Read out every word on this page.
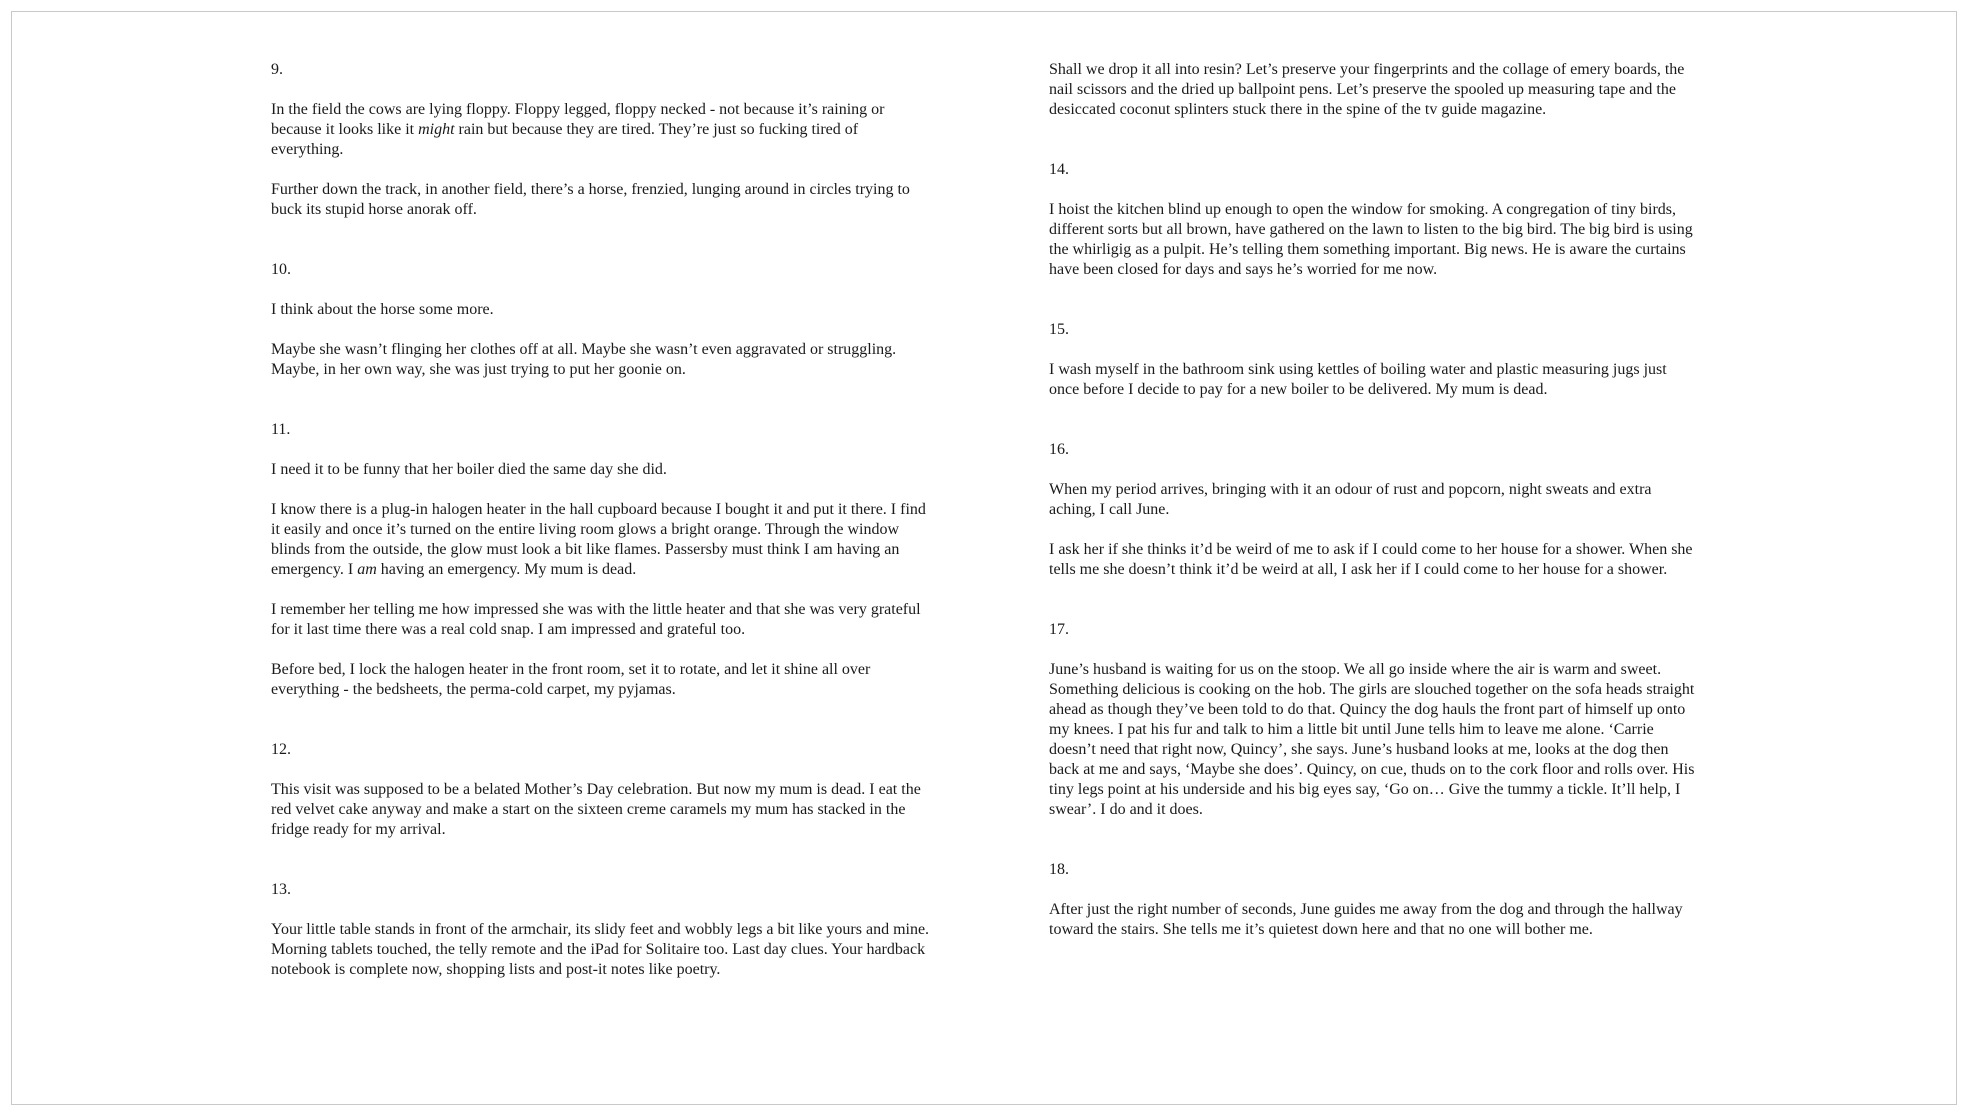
9.

In the field the cows are lying floppy. Floppy legged, floppy necked - not because it’s raining or because it looks like it might rain but because they are tired. They’re just so fucking tired of everything.

Further down the track, in another field, there’s a horse, frenzied, lunging around in circles trying to buck its stupid horse anorak off.

10.

I think about the horse some more.

Maybe she wasn’t flinging her clothes off at all. Maybe she wasn’t even aggravated or struggling. Maybe, in her own way, she was just trying to put her goonie on.

11.

I need it to be funny that her boiler died the same day she did.

I know there is a plug-in halogen heater in the hall cupboard because I bought it and put it there. I find it easily and once it’s turned on the entire living room glows a bright orange. Through the window blinds from the outside, the glow must look a bit like flames. Passersby must think I am having an emergency. I am having an emergency. My mum is dead.

I remember her telling me how impressed she was with the little heater and that she was very grateful for it last time there was a real cold snap. I am impressed and grateful too.

Before bed, I lock the halogen heater in the front room, set it to rotate, and let it shine all over everything - the bedsheets, the perma-cold carpet, my pyjamas.

12.

This visit was supposed to be a belated Mother’s Day celebration. But now my mum is dead. I eat the red velvet cake anyway and make a start on the sixteen creme caramels my mum has stacked in the fridge ready for my arrival.

13.

Your little table stands in front of the armchair, its slidy feet and wobbly legs a bit like yours and mine. Morning tablets touched, the telly remote and the iPad for Solitaire too. Last day clues. Your hardback notebook is complete now, shopping lists and post-it notes like poetry.

Shall we drop it all into resin? Let’s preserve your fingerprints and the collage of emery boards, the nail scissors and the dried up ballpoint pens. Let’s preserve the spooled up measuring tape and the desiccated coconut splinters stuck there in the spine of the tv guide magazine.

14.

I hoist the kitchen blind up enough to open the window for smoking. A congregation of tiny birds, different sorts but all brown, have gathered on the lawn to listen to the big bird. The big bird is using the whirligig as a pulpit. He’s telling them something important. Big news. He is aware the curtains have been closed for days and says he’s worried for me now.

15.

I wash myself in the bathroom sink using kettles of boiling water and plastic measuring jugs just once before I decide to pay for a new boiler to be delivered. My mum is dead.

16.

When my period arrives, bringing with it an odour of rust and popcorn, night sweats and extra aching, I call June.

I ask her if she thinks it’d be weird of me to ask if I could come to her house for a shower. When she tells me she doesn’t think it’d be weird at all, I ask her if I could come to her house for a shower.

17.

June’s husband is waiting for us on the stoop. We all go inside where the air is warm and sweet. Something delicious is cooking on the hob. The girls are slouched together on the sofa heads straight ahead as though they’ve been told to do that. Quincy the dog hauls the front part of himself up onto my knees. I pat his fur and talk to him a little bit until June tells him to leave me alone. ‘Carrie doesn’t need that right now, Quincy’, she says. June’s husband looks at me, looks at the dog then back at me and says, ‘Maybe she does’. Quincy, on cue, thuds on to the cork floor and rolls over. His tiny legs point at his underside and his big eyes say, ‘Go on… Give the tummy a tickle. It’ll help, I swear’. I do and it does.

18.

After just the right number of seconds, June guides me away from the dog and through the hallway toward the stairs. She tells me it’s quietest down here and that no one will bother me.
